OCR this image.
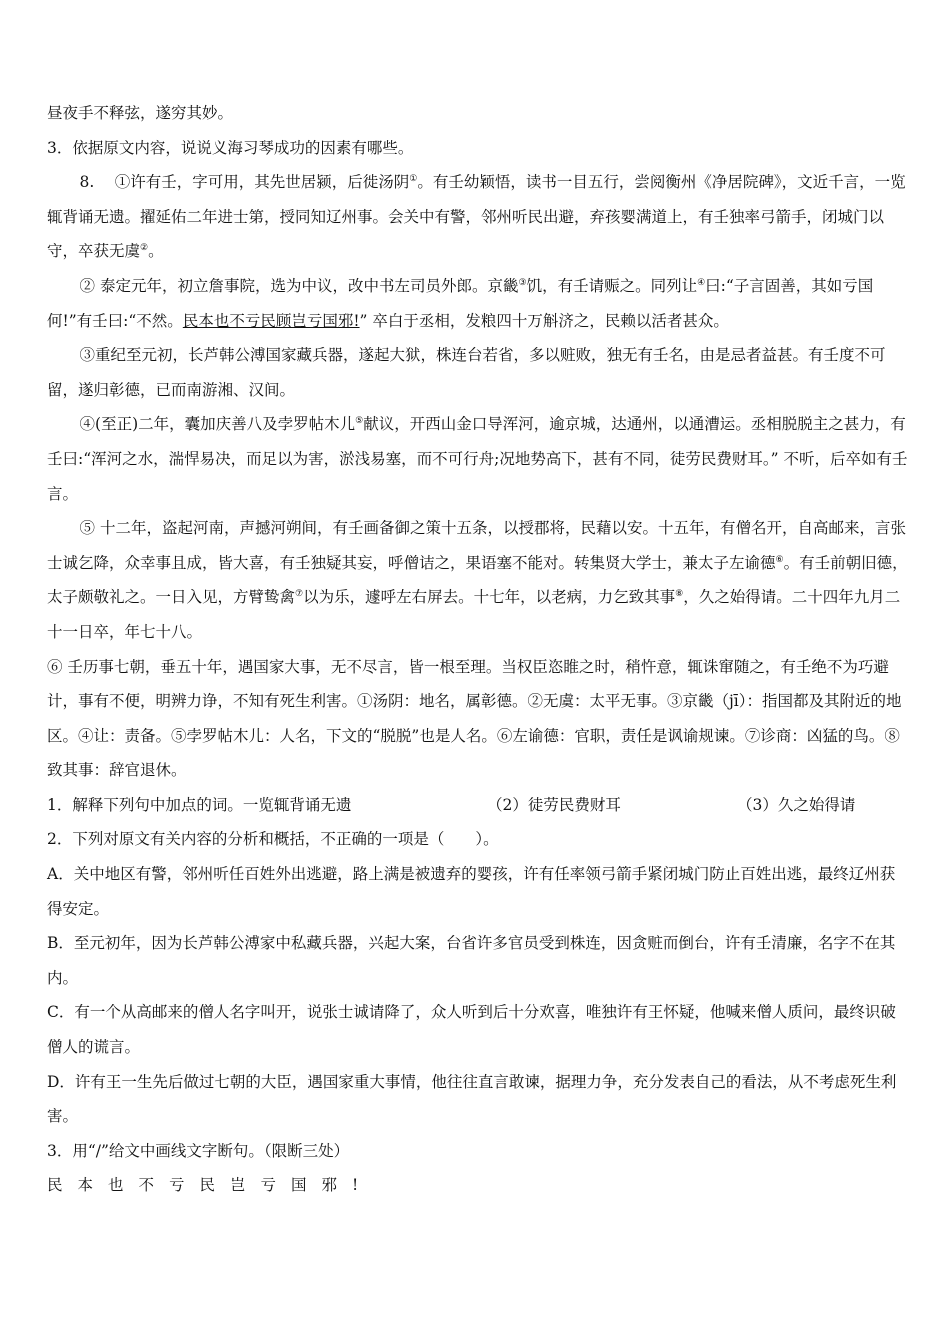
昼夜手不释弦，遂穷其妙。

3．依据原文内容，说说义海习琴成功的因素有哪些。

8.　 ①许有壬，字可用，其先世居颍，后徙汤阴①。有壬幼颖悟，读书一目五行，尝阅衡州《净居院碑》，文近千言，一览辄背诵无遗。擢延佑二年进士第，授同知辽州事。会关中有警，邻州听民出避，弃孩婴满道上，有壬独率弓箭手，闭城门以守，卒获无虞②。

② 泰定元年，初立詹事院，选为中议，改中书左司员外郎。京畿③饥，有壬请赈之。同列让④曰:“子言固善，其如亏国何!”有壬曰:“不然。民本也不亏民顾岂亏国邪!” 卒白于丞相，发粮四十万斛济之，民赖以活者甚众。

③重纪至元初，长芦韩公溥国家藏兵器，遂起大狱，株连台若省，多以赃败，独无有壬名，由是忌者益甚。有壬度不可留，遂归彰德，已而南游湘、汉间。

④(至正)二年，囊加庆善八及孛罗帖木儿⑤献议，开西山金口导浑河，逾京城，达通州，以通漕运。丞相脱脱主之甚力，有壬曰:“浑河之水，湍悍易决，而足以为害，淤浅易塞，而不可行舟;况地势高下，甚有不同，徒劳民费财耳。” 不听，后卒如有壬言。

⑤ 十二年，盗起河南，声撼河朔间，有壬画备御之策十五条，以授郡将，民藉以安。十五年，有僧名开，自高邮来，言张士诚乞降，众幸事且成，皆大喜，有壬独疑其妄，呼僧诘之，果语塞不能对。转集贤大学士，兼太子左谕德⑥。有壬前朝旧德，太子颇敬礼之。一日入见，方臂鸷禽⑦以为乐，遽呼左右屏去。十七年，以老病，力乞致其事⑧，久之始得请。二十四年九月二十一日卒，年七十八。

⑥ 壬历事七朝，垂五十年，遇国家大事，无不尽言，皆一根至理。当权臣恣睢之时，稍忤意，辄诛窜随之，有壬绝不为巧避计，事有不便，明辨力诤，不知有死生利害。①汤阴：地名，属彰德。②无虞：太平无事。③京畿（jī）：指国都及其附近的地区。④让：责备。⑤孛罗帖木儿：人名，下文的“脱脱”也是人名。⑥左谕德：官职，责任是讽谕规谏。⑦诊商：凶猛的鸟。⑧致其事：辞官退休。

1．解释下列句中加点的词。一览辄背诵无遗	（2）徒劳民费财耳	（3）久之始得请

2．下列对原文有关内容的分析和概括，不正确的一项是（　　）。

A．关中地区有警，邻州听任百姓外出逃避，路上满是被遗弃的婴孩，许有任率领弓箭手紧闭城门防止百姓出逃，最终辽州获得安定。

B．至元初年，因为长芦韩公溥家中私藏兵器，兴起大案，台省许多官员受到株连，因贪赃而倒台，许有壬清廉，名字不在其内。

C．有一个从高邮来的僧人名字叫开，说张士诚请降了，众人听到后十分欢喜，唯独许有王怀疑，他喊来僧人质问，最终识破僧人的谎言。

D．许有王一生先后做过七朝的大臣，遇国家重大事情，他往往直言敢谏，据理力争，充分发表自己的看法，从不考虑死生利害。

3．用“/”给文中画线文字断句。（限断三处）

民本也不亏民岂亏国邪!
